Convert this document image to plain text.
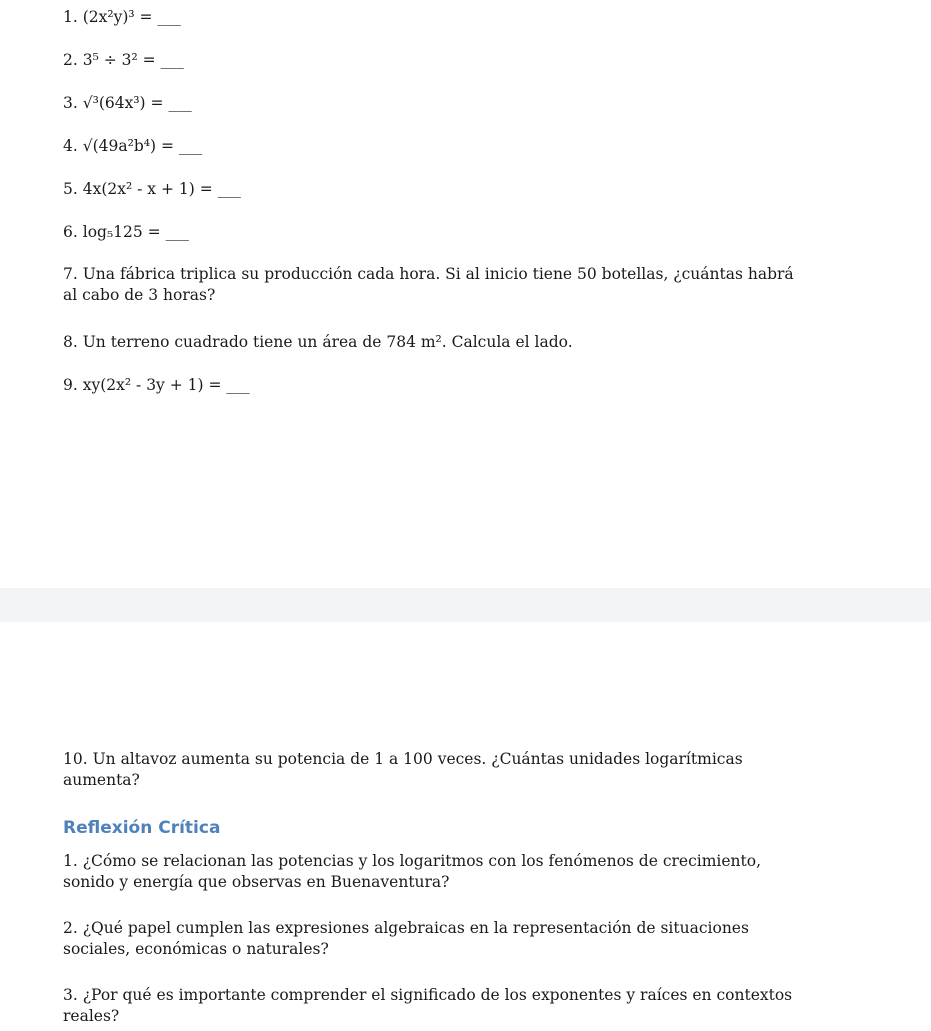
1. (2x²y)³ = ___
2. 3⁵ ÷ 3² = ___
3. √³(64x³) = ___
4. √(49a²b⁴) = ___
5. 4x(2x² - x + 1) = ___
6. log₅125 = ___
7. Una fábrica triplica su producción cada hora. Si al inicio tiene 50 botellas, ¿cuántas habrá al cabo de 3 horas?
8. Un terreno cuadrado tiene un área de 784 m². Calcula el lado.
9. xy(2x² - 3y + 1) = ___
10. Un altavoz aumenta su potencia de 1 a 100 veces. ¿Cuántas unidades logarítmicas aumenta?
Reflexión Crítica
1. ¿Cómo se relacionan las potencias y los logaritmos con los fenómenos de crecimiento, sonido y energía que observas en Buenaventura?
2. ¿Qué papel cumplen las expresiones algebraicas en la representación de situaciones sociales, económicas o naturales?
3. ¿Por qué es importante comprender el significado de los exponentes y raíces en contextos reales?
